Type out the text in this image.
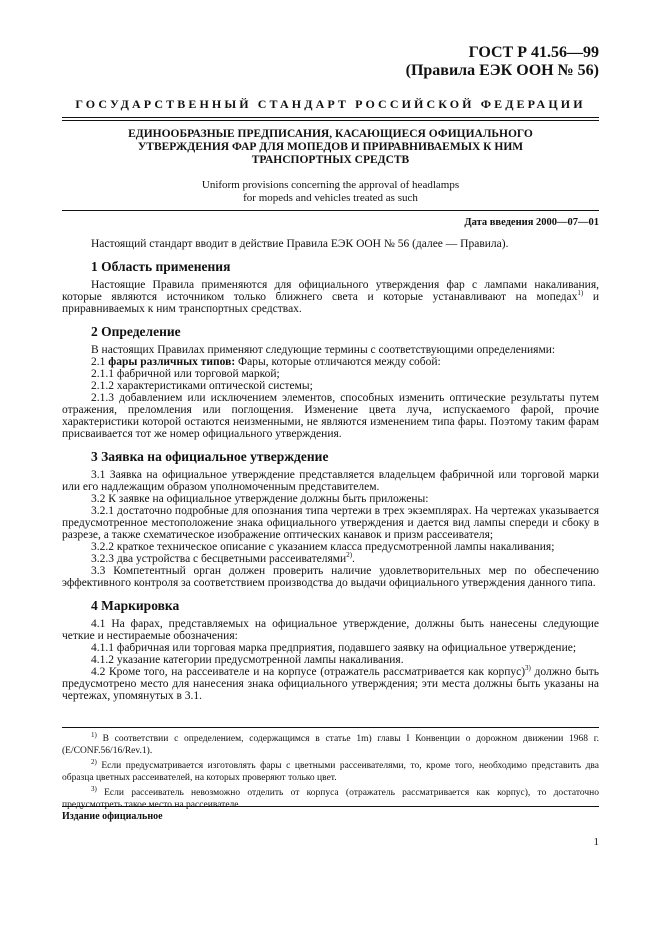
ГОСТ Р 41.56—99
(Правила ЕЭК ООН № 56)
ГОСУДАРСТВЕННЫЙ СТАНДАРТ РОССИЙСКОЙ ФЕДЕРАЦИИ
ЕДИНООБРАЗНЫЕ ПРЕДПИСАНИЯ, КАСАЮЩИЕСЯ ОФИЦИАЛЬНОГО
УТВЕРЖДЕНИЯ ФАР ДЛЯ МОПЕДОВ И ПРИРАВНИВАЕМЫХ К НИМ
ТРАНСПОРТНЫХ СРЕДСТВ
Uniform provisions concerning the approval of headlamps
for mopeds and vehicles treated as such
Дата введения 2000—07—01

Настоящий стандарт вводит в действие Правила ЕЭК ООН № 56 (далее — Правила).

1 Область применения

Настоящие Правила применяются для официального утверждения фар с лампами накаливания, которые являются источником только ближнего света и которые устанавливают на мопедах$^{1)}$ и приравниваемых к ним транспортных средствах.

2 Определение

В настоящих Правилах применяют следующие термины с соответствующими определениями:

2.1 фары различных типов: Фары, которые отличаются между собой:

2.1.1 фабричной или торговой маркой;

2.1.2 характеристиками оптической системы;

2.1.3 добавлением или исключением элементов, способных изменить оптические результаты путем отражения, преломления или поглощения. Изменение цвета луча, испускаемого фарой, прочие характеристики которой остаются неизменными, не являются изменением типа фары. Поэтому таким фарам присваивается тот же номер официального утверждения.

3 Заявка на официальное утверждение

3.1 Заявка на официальное утверждение представляется владельцем фабричной или торговой марки или его надлежащим образом уполномоченным представителем.

3.2 К заявке на официальное утверждение должны быть приложены:

3.2.1 достаточно подробные для опознания типа чертежи в трех экземплярах. На чертежах указывается предусмотренное местоположение знака официального утверждения и дается вид лампы спереди и сбоку в разрезе, а также схематическое изображение оптических канавок и призм рассеивателя;

3.2.2 краткое техническое описание с указанием класса предусмотренной лампы накаливания;

3.2.3 два устройства с бесцветными рассеивателями$^{2)}$.

3.3 Компетентный орган должен проверить наличие удовлетворительных мер по обеспечению эффективного контроля за соответствием производства до выдачи официального утверждения данного типа.

4 Маркировка

4.1 На фарах, представляемых на официальное утверждение, должны быть нанесены следующие четкие и нестираемые обозначения:

4.1.1 фабричная или торговая марка предприятия, подавшего заявку на официальное утверждение;

4.1.2 указание категории предусмотренной лампы накаливания.

4.2 Кроме того, на рассеивателе и на корпусе (отражатель рассматривается как корпус)$^{3)}$ должно быть предусмотрено место для нанесения знака официального утверждения; эти места должны быть указаны на чертежах, упомянутых в 3.1.

$^{1)}$ В соответствии с определением, содержащимся в статье 1m) главы I Конвенции о дорожном движении 1968 г. (E/CONF.56/16/Rev.1).

$^{2)}$ Если предусматривается изготовлять фары с цветными рассеивателями, то, кроме того, необходимо представить два образца цветных рассеивателей, на которых проверяют только цвет.

$^{3)}$ Если рассеиватель невозможно отделить от корпуса (отражатель рассматривается как корпус), то достаточно предусмотреть такое место на рассеивателе.

Издание официальное
1
